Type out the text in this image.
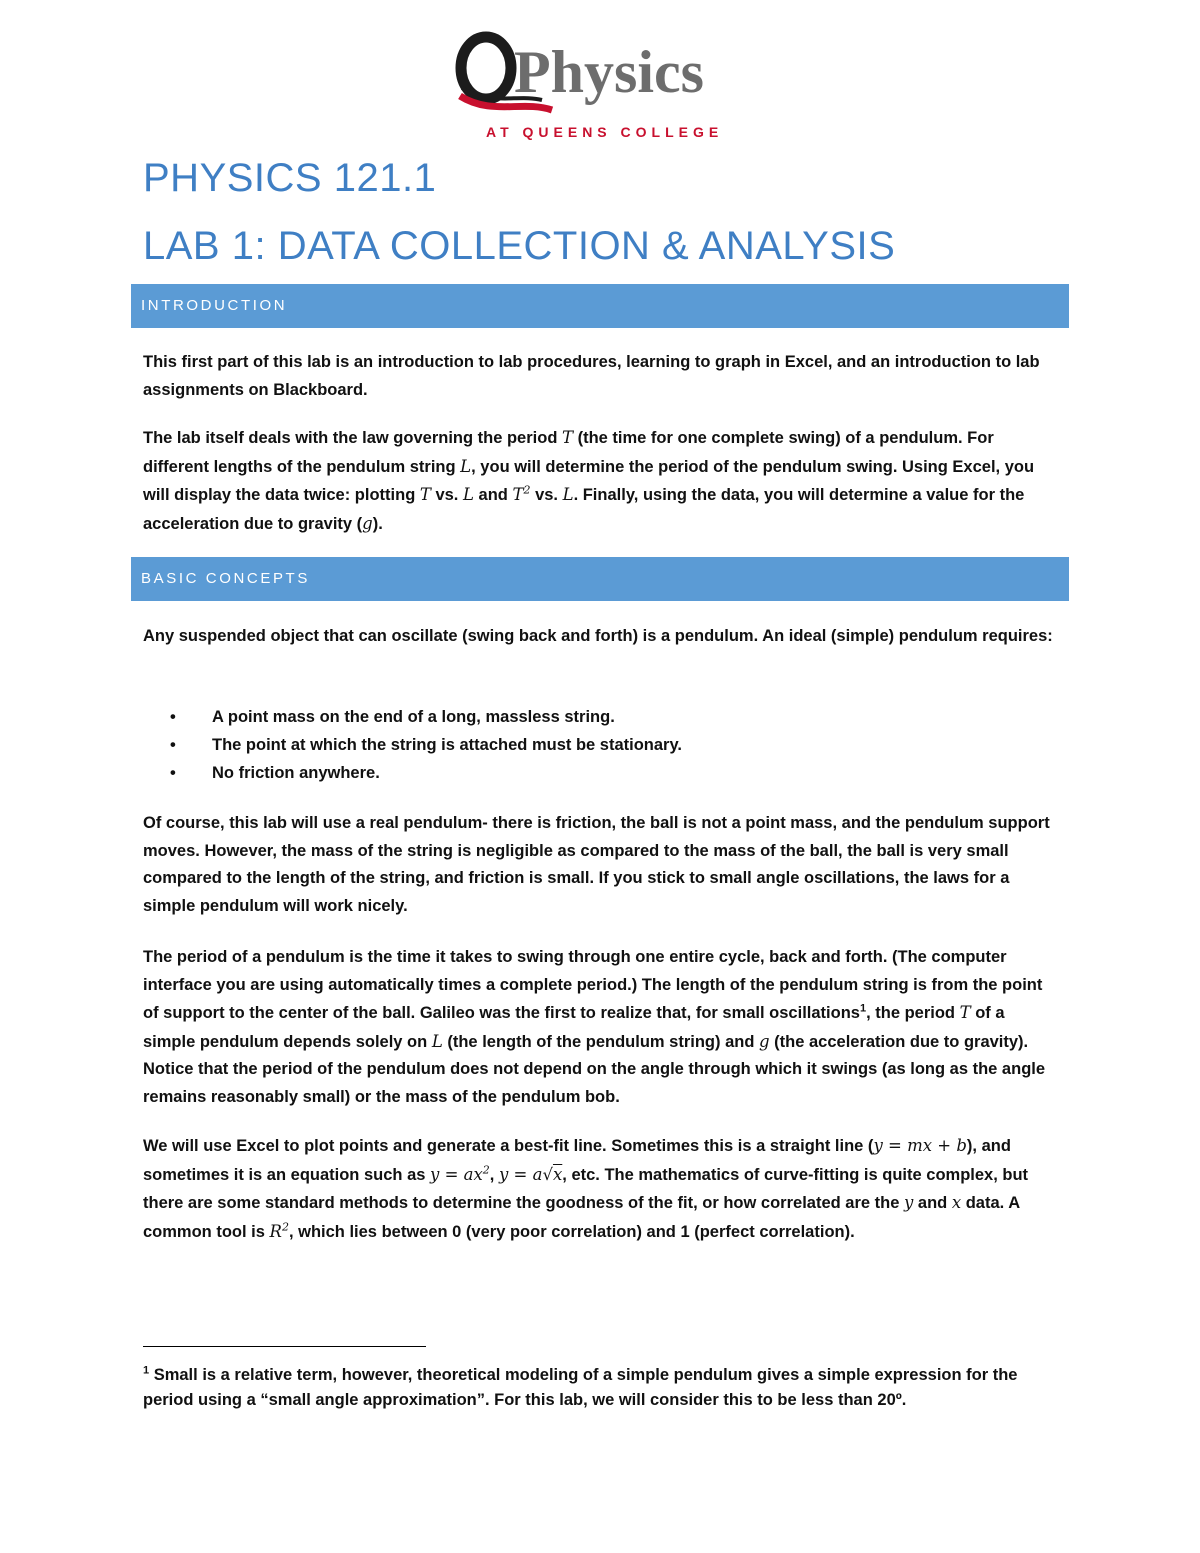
Physics
AT QUEENS COLLEGE
PHYSICS 121.1
LAB 1: DATA COLLECTION & ANALYSIS
INTRODUCTION

This first part of this lab is an introduction to lab procedures, learning to graph in Excel, and an introduction to lab assignments on Blackboard.

The lab itself deals with the law governing the period T (the time for one complete swing) of a pendulum. For different lengths of the pendulum string L, you will determine the period of the pendulum swing. Using Excel, you will display the data twice: plotting T vs. L and $T^2$ vs. L. Finally, using the data, you will determine a value for the acceleration due to gravity (g).

BASIC CONCEPTS

Any suspended object that can oscillate (swing back and forth) is a pendulum. An ideal (simple) pendulum requires:

• A point mass on the end of a long, massless string.
• The point at which the string is attached must be stationary.
• No friction anywhere.

Of course, this lab will use a real pendulum- there is friction, the ball is not a point mass, and the pendulum support moves. However, the mass of the string is negligible as compared to the mass of the ball, the ball is very small compared to the length of the string, and friction is small. If you stick to small angle oscillations, the laws for a simple pendulum will work nicely.

The period of a pendulum is the time it takes to swing through one entire cycle, back and forth. (The computer interface you are using automatically times a complete period.) The length of the pendulum string is from the point of support to the center of the ball. Galileo was the first to realize that, for small oscillations$^1$, the period T of a simple pendulum depends solely on L (the length of the pendulum string) and g (the acceleration due to gravity). Notice that the period of the pendulum does not depend on the angle through which it swings (as long as the angle remains reasonably small) or the mass of the pendulum bob.

We will use Excel to plot points and generate a best-fit line. Sometimes this is a straight line (y = mx + b), and sometimes it is an equation such as $y = ax^2$, y = a√x, etc. The mathematics of curve-fitting is quite complex, but there are some standard methods to determine the goodness of the fit, or how correlated are the y and x data. A common tool is $R^2$, which lies between 0 (very poor correlation) and 1 (perfect correlation).

$^1$ Small is a relative term, however, theoretical modeling of a simple pendulum gives a simple expression for the period using a “small angle approximation”. For this lab, we will consider this to be less than 20º.
